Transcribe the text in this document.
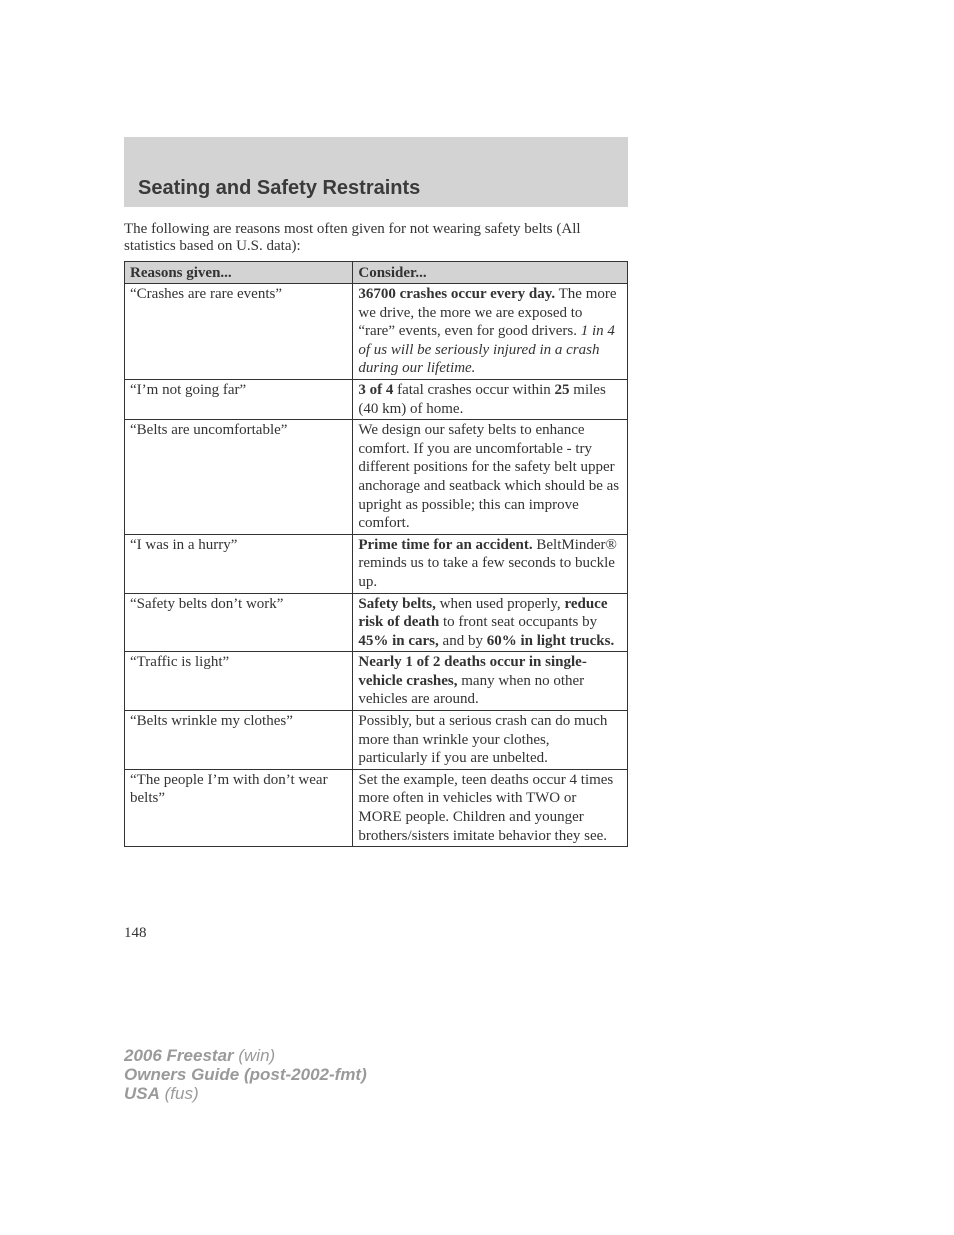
Seating and Safety Restraints

The following are reasons most often given for not wearing safety belts (All statistics based on U.S. data):

Reasons given...	Consider...
“Crashes are rare events”	36700 crashes occur every day. The more we drive, the more we are exposed to “rare” events, even for good drivers. 1 in 4 of us will be seriously injured in a crash during our lifetime.
“I’m not going far”	3 of 4 fatal crashes occur within 25 miles (40 km) of home.
“Belts are uncomfortable”	We design our safety belts to enhance comfort. If you are uncomfortable - try different positions for the safety belt upper anchorage and seatback which should be as upright as possible; this can improve comfort.
“I was in a hurry”	Prime time for an accident. BeltMinder® reminds us to take a few seconds to buckle up.
“Safety belts don’t work”	Safety belts, when used properly, reduce risk of death to front seat occupants by 45% in cars, and by 60% in light trucks.
“Traffic is light”	Nearly 1 of 2 deaths occur in single-vehicle crashes, many when no other vehicles are around.
“Belts wrinkle my clothes”	Possibly, but a serious crash can do much more than wrinkle your clothes, particularly if you are unbelted.
“The people I’m with don’t wear belts”	Set the example, teen deaths occur 4 times more often in vehicles with TWO or MORE people. Children and younger brothers/sisters imitate behavior they see.

148

2006 Freestar (win)
Owners Guide (post-2002-fmt)
USA (fus)
